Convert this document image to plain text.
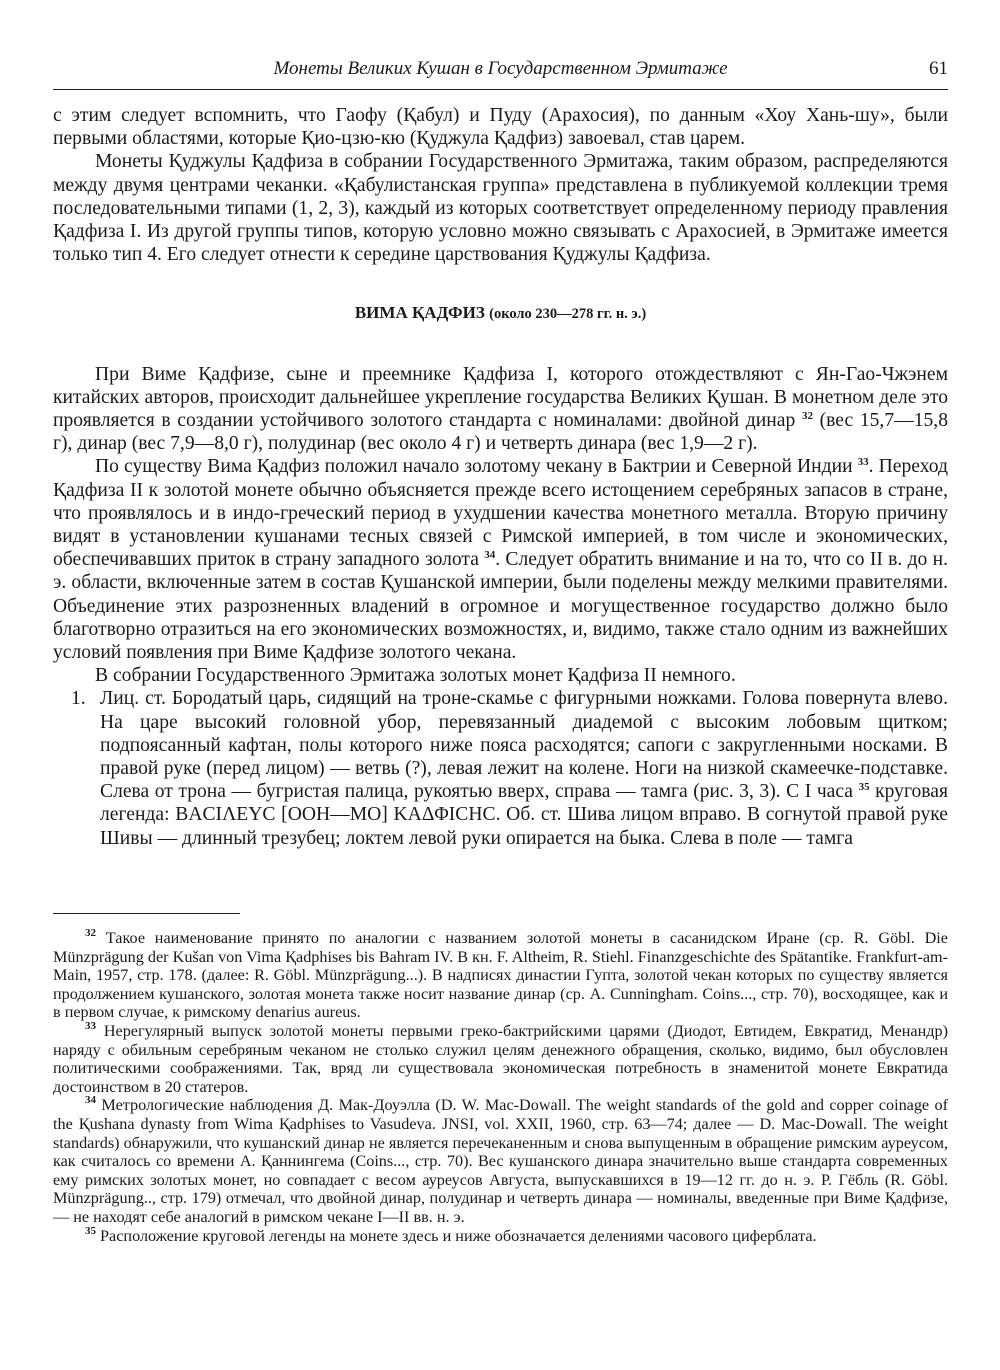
Монеты Великих Кушан в Государственном Эрмитаже	61

с этим следует вспомнить, что Гаофу (Қабул) и Пуду (Арахосия), по данным «Хоу Хань-шу», были первыми областями, которые Қио-цзю-кю (Қуджула Қадфиз) завоевал, став царем.

Монеты Қуджулы Қадфиза в собрании Государственного Эрмитажа, таким образом, распределяются между двумя центрами чеканки. «Қабулистанская группа» представлена в публикуемой коллекции тремя последовательными типами (1, 2, 3), каждый из которых соответствует определенному периоду правления Қадфиза I. Из другой группы типов, которую условно можно связывать с Арахосией, в Эрмитаже имеется только тип 4. Его следует отнести к середине царствования Қуджулы Қадфиза.

ВИМА ҚАДФИЗ (около 230—278 гг. н. э.)

При Виме Қадфизе, сыне и преемнике Қадфиза I, которого отождествляют с Ян-Гао-Чжэнем китайских авторов, происходит дальнейшее укрепление государства Великих Қушан. В монетном деле это проявляется в создании устойчивого золотого стандарта с номиналами: двойной динар $^{32}$ (вес 15,7—15,8 г), динар (вес 7,9—8,0 г), полудинар (вес около 4 г) и четверть динара (вес 1,9—2 г).

По существу Вима Қадфиз положил начало золотому чекану в Бактрии и Северной Индии $^{33}$. Переход Қадфиза II к золотой монете обычно объясняется прежде всего истощением серебряных запасов в стране, что проявлялось и в индо-греческий период в ухудшении качества монетного металла. Вторую причину видят в установлении кушанами тесных связей с Римской империей, в том числе и экономических, обеспечивавших приток в страну западного золота $^{34}$. Следует обратить внимание и на то, что со II в. до н. э. области, включенные затем в состав Қушанской империи, были поделены между мелкими правителями. Объединение этих разрозненных владений в огромное и могущественное государство должно было благотворно отразиться на его экономических возможностях, и, видимо, также стало одним из важнейших условий появления при Виме Қадфизе золотого чекана.

В собрании Государственного Эрмитажа золотых монет Қадфиза II немного.

1. Лиц. ст. Бородатый царь, сидящий на троне-скамье с фигурными ножками. Голова повернута влево. На царе высокий головной убор, перевязанный диадемой с высоким лобовым щитком; подпоясанный кафтан, полы которого ниже пояса расходятся; сапоги с закругленными носками. В правой руке (перед лицом) — ветвь (?), левая лежит на колене. Ноги на низкой скамеечке-подставке. Слева от трона — бугристая палица, рукоятью вверх, справа — тамга (рис. 3, 3). С I часа $^{35}$ круговая легенда: ΒΑCΙΛΕΥC [ΟΟΗ—ΜΟ] ΚΑΔΦΙCΗC. Об. ст. Шива лицом вправо. В согнутой правой руке Шивы — длинный трезубец; локтем левой руки опирается на быка. Слева в поле — тамга

$^{32}$ Такое наименование принято по аналогии с названием золотой монеты в сасанидском Иране (ср. R. Göbl. Die Münzprägung der Kušan von Vima Қadphises bis Bahram IV. В кн. F. Altheim, R. Stiehl. Finanzgeschichte des Spätantike. Frankfurt-am-Main, 1957, стр. 178. (далее: R. Göbl. Münzprägung...). В надписях династии Гупта, золотой чекан которых по существу является продолжением кушанского, золотая монета также носит название динар (ср. A. Cunningham. Coins..., стр. 70), восходящее, как и в первом случае, к римскому denarius aureus.

$^{33}$ Нерегулярный выпуск золотой монеты первыми греко-бактрийскими царями (Диодот, Евтидем, Евкратид, Менандр) наряду с обильным серебряным чеканом не столько служил целям денежного обращения, сколько, видимо, был обусловлен политическими соображениями. Так, вряд ли существовала экономическая потребность в знаменитой монете Евкратида достоинством в 20 статеров.

$^{34}$ Метрологические наблюдения Д. Мак-Доуэлла (D. W. Mac-Dowall. The weight standards of the gold and copper coinage of the Қushana dynasty from Wima Қadphises to Vasudeva. JNSI, vol. XXII, 1960, стр. 63—74; далее — D. Mac-Dowall. The weight standards) обнаружили, что кушанский динар не является перечеканенным и снова выпущенным в обращение римским ауреусом, как считалось со времени А. Қаннингема (Coins..., стр. 70). Вес кушанского динара значительно выше стандарта современных ему римских золотых монет, но совпадает с весом ауреусов Августа, выпускавшихся в 19—12 гг. до н. э. Р. Гёбль (R. Göbl. Münzprägung.., стр. 179) отмечал, что двойной динар, полудинар и четверть динара — номиналы, введенные при Виме Қадфизе, — не находят себе аналогий в римском чекане I—II вв. н. э.

$^{35}$ Расположение круговой легенды на монете здесь и ниже обозначается делениями часового циферблата.
